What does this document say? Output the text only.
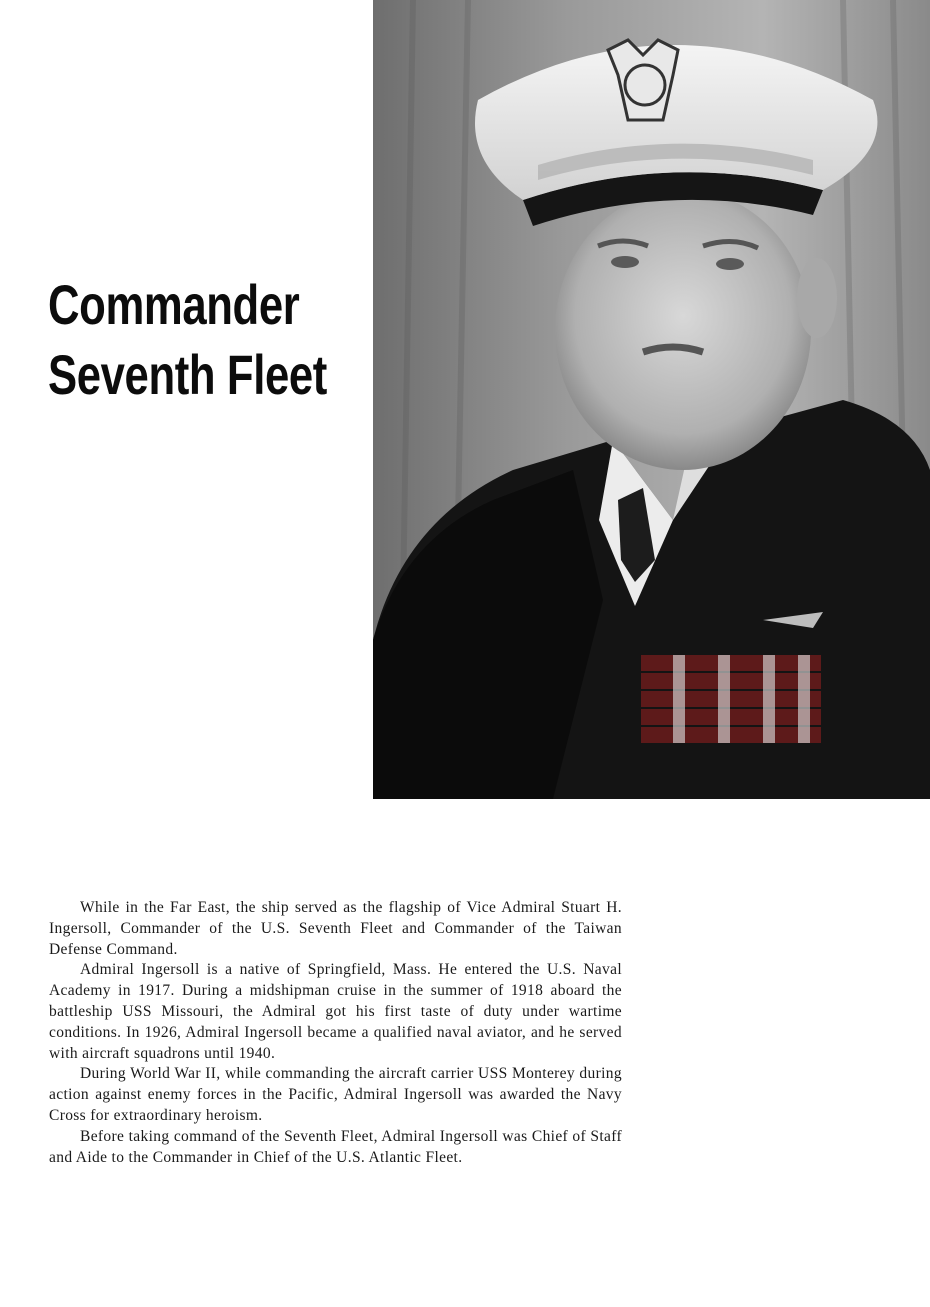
Commander
Seventh Fleet

While in the Far East, the ship served as the flagship of Vice Admiral Stuart H. Ingersoll, Commander of the U.S. Seventh Fleet and Commander of the Taiwan Defense Command.

Admiral Ingersoll is a native of Springfield, Mass. He entered the U.S. Naval Academy in 1917. During a midshipman cruise in the summer of 1918 aboard the battleship USS Missouri, the Admiral got his first taste of duty under wartime conditions. In 1926, Admiral Ingersoll became a qualified naval aviator, and he served with aircraft squadrons until 1940.

During World War II, while commanding the aircraft carrier USS Monterey during action against enemy forces in the Pacific, Admiral Ingersoll was awarded the Navy Cross for extraordinary heroism.

Before taking command of the Seventh Fleet, Admiral Ingersoll was Chief of Staff and Aide to the Commander in Chief of the U.S. Atlantic Fleet.
